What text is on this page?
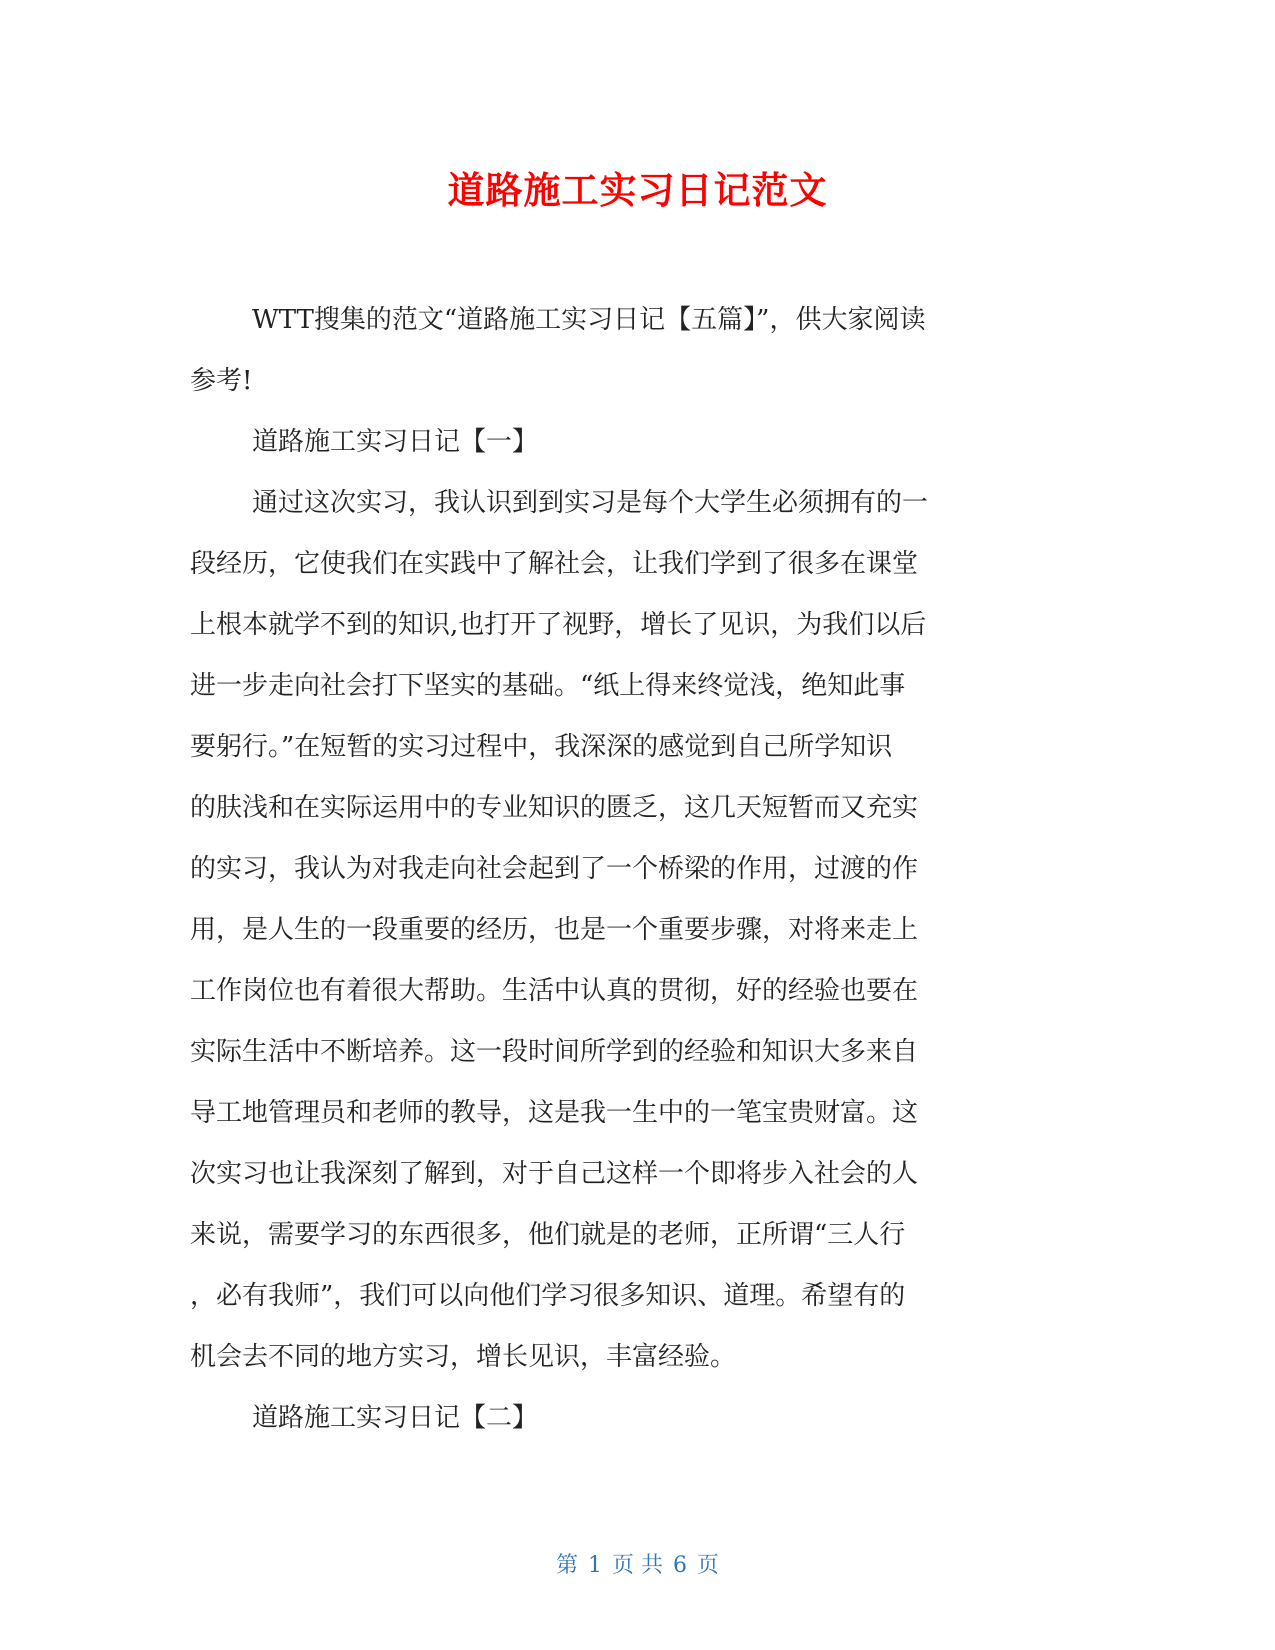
道路施工实习日记范文
WTT搜集的范文“道路施工实习日记【五篇】”，供大家阅读
参考!
道路施工实习日记【一】
通过这次实习，我认识到到实习是每个大学生必须拥有的一
段经历，它使我们在实践中了解社会，让我们学到了很多在课堂
上根本就学不到的知识,也打开了视野，增长了见识，为我们以后
进一步走向社会打下坚实的基础。“纸上得来终觉浅，绝知此事
要躬行。”在短暂的实习过程中，我深深的感觉到自己所学知识
的肤浅和在实际运用中的专业知识的匮乏，这几天短暂而又充实
的实习，我认为对我走向社会起到了一个桥梁的作用，过渡的作
用，是人生的一段重要的经历，也是一个重要步骤，对将来走上
工作岗位也有着很大帮助。生活中认真的贯彻，好的经验也要在
实际生活中不断培养。这一段时间所学到的经验和知识大多来自
导工地管理员和老师的教导，这是我一生中的一笔宝贵财富。这
次实习也让我深刻了解到，对于自己这样一个即将步入社会的人
来说，需要学习的东西很多，他们就是的老师，正所谓“三人行
，必有我师”，我们可以向他们学习很多知识、道理。希望有的
机会去不同的地方实习，增长见识，丰富经验。
道路施工实习日记【二】
第 1 页 共 6 页
